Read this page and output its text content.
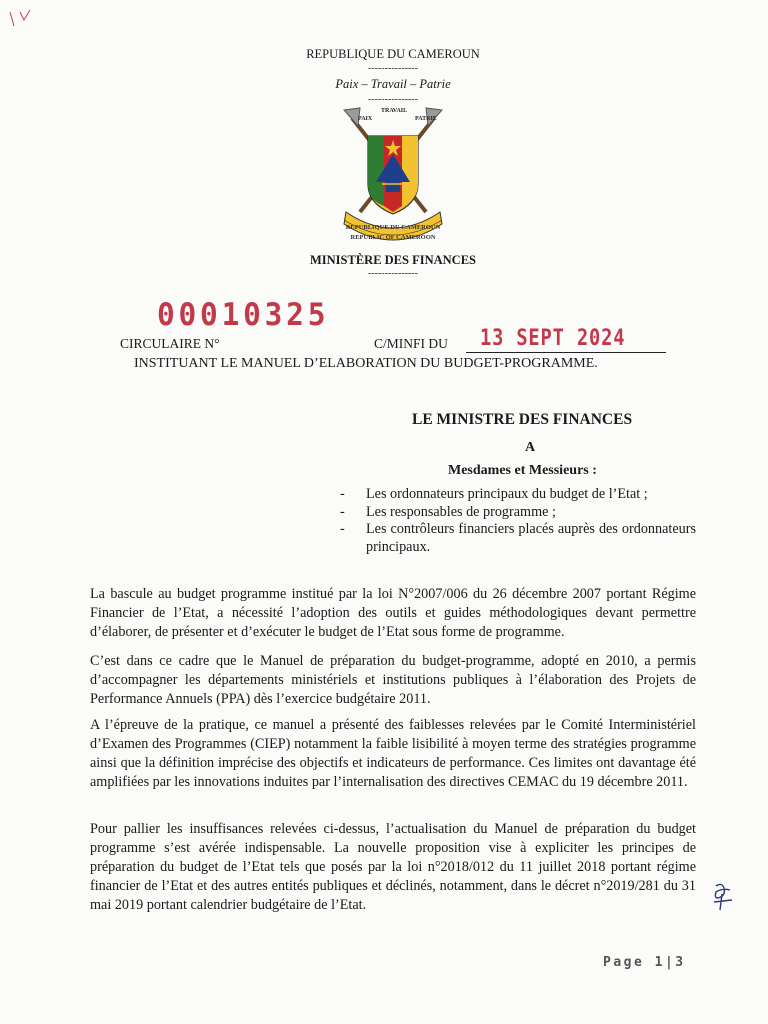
REPUBLIQUE DU CAMEROUN
---------------
Paix – Travail – Patrie
---------------
PAIX
TRAVAIL
PATRIE
REPUBLIQUE DU CAMEROUN
REPUBLIC OF CAMEROON
MINISTÈRE DES FINANCES
---------------
00010325
CIRCULAIRE N°	C/MINFI DU 13 SEPT 2024
INSTITUANT LE MANUEL D’ELABORATION DU BUDGET-PROGRAMME.
LE MINISTRE DES FINANCES
A
Mesdames et Messieurs :
- Les ordonnateurs principaux du budget de l’Etat ;
- Les responsables de programme ;
- Les contrôleurs financiers placés auprès des ordonnateurs principaux.

La bascule au budget programme institué par la loi N°2007/006 du 26 décembre 2007 portant Régime Financier de l’Etat, a nécessité l’adoption des outils et guides méthodologiques devant permettre d’élaborer, de présenter et d’exécuter le budget de l’Etat sous forme de programme.

C’est dans ce cadre que le Manuel de préparation du budget-programme, adopté en 2010, a permis d’accompagner les départements ministériels et institutions publiques à l’élaboration des Projets de Performance Annuels (PPA) dès l’exercice budgétaire 2011.

A l’épreuve de la pratique, ce manuel a présenté des faiblesses relevées par le Comité Interministériel d’Examen des Programmes (CIEP) notamment la faible lisibilité à moyen terme des stratégies programme ainsi que la définition imprécise des objectifs et indicateurs de performance. Ces limites ont davantage été amplifiées par les innovations induites par l’internalisation des directives CEMAC du 19 décembre 2011.

Pour pallier les insuffisances relevées ci-dessus, l’actualisation du Manuel de préparation du budget programme s’est avérée indispensable. La nouvelle proposition vise à expliciter les principes de préparation du budget de l’Etat tels que posés par la loi n°2018/012 du 11 juillet 2018 portant régime financier de l’Etat et des autres entités publiques et déclinés, notamment, dans le décret n°2019/281 du 31 mai 2019 portant calendrier budgétaire de l’Etat.

Page 1|3
